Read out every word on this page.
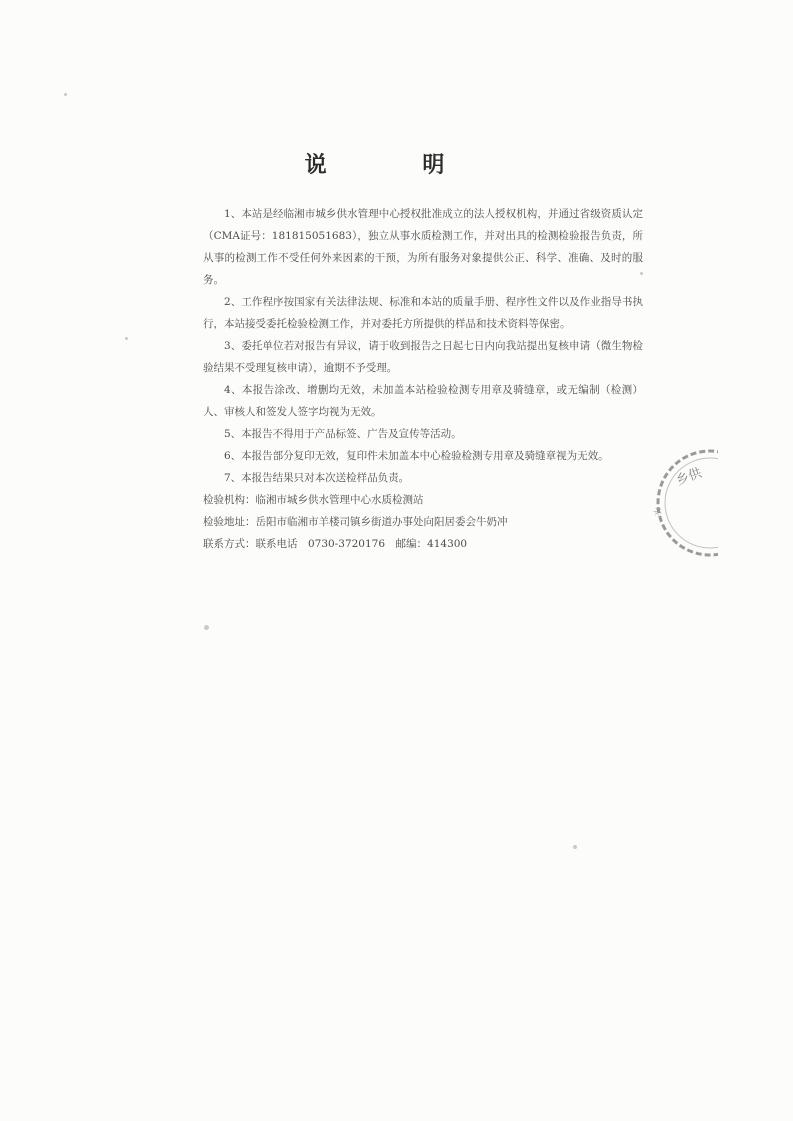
说 明

1、本站是经临湘市城乡供水管理中心授权批准成立的法人授权机构，并通过省级资质认定（CMA证号：181815051683），独立从事水质检测工作，并对出具的检测检验报告负责，所从事的检测工作不受任何外来因素的干预，为所有服务对象提供公正、科学、准确、及时的服务。

2、工作程序按国家有关法律法规、标准和本站的质量手册、程序性文件以及作业指导书执行，本站接受委托检验检测工作，并对委托方所提供的样品和技术资料等保密。

3、委托单位若对报告有异议，请于收到报告之日起七日内向我站提出复核申请（微生物检验结果不受理复核申请），逾期不予受理。

4、本报告涂改、增删均无效，未加盖本站检验检测专用章及骑缝章，或无编制（检测）人、审核人和签发人签字均视为无效。

5、本报告不得用于产品标签、广告及宣传等活动。

6、本报告部分复印无效，复印件未加盖本中心检验检测专用章及骑缝章视为无效。

7、本报告结果只对本次送检样品负责。

检验机构：临湘市城乡供水管理中心水质检测站

检验地址：岳阳市临湘市羊楼司镇乡街道办事处向阳居委会牛奶冲

联系方式：联系电话　0730-3720176　邮编：414300

乡供
水
